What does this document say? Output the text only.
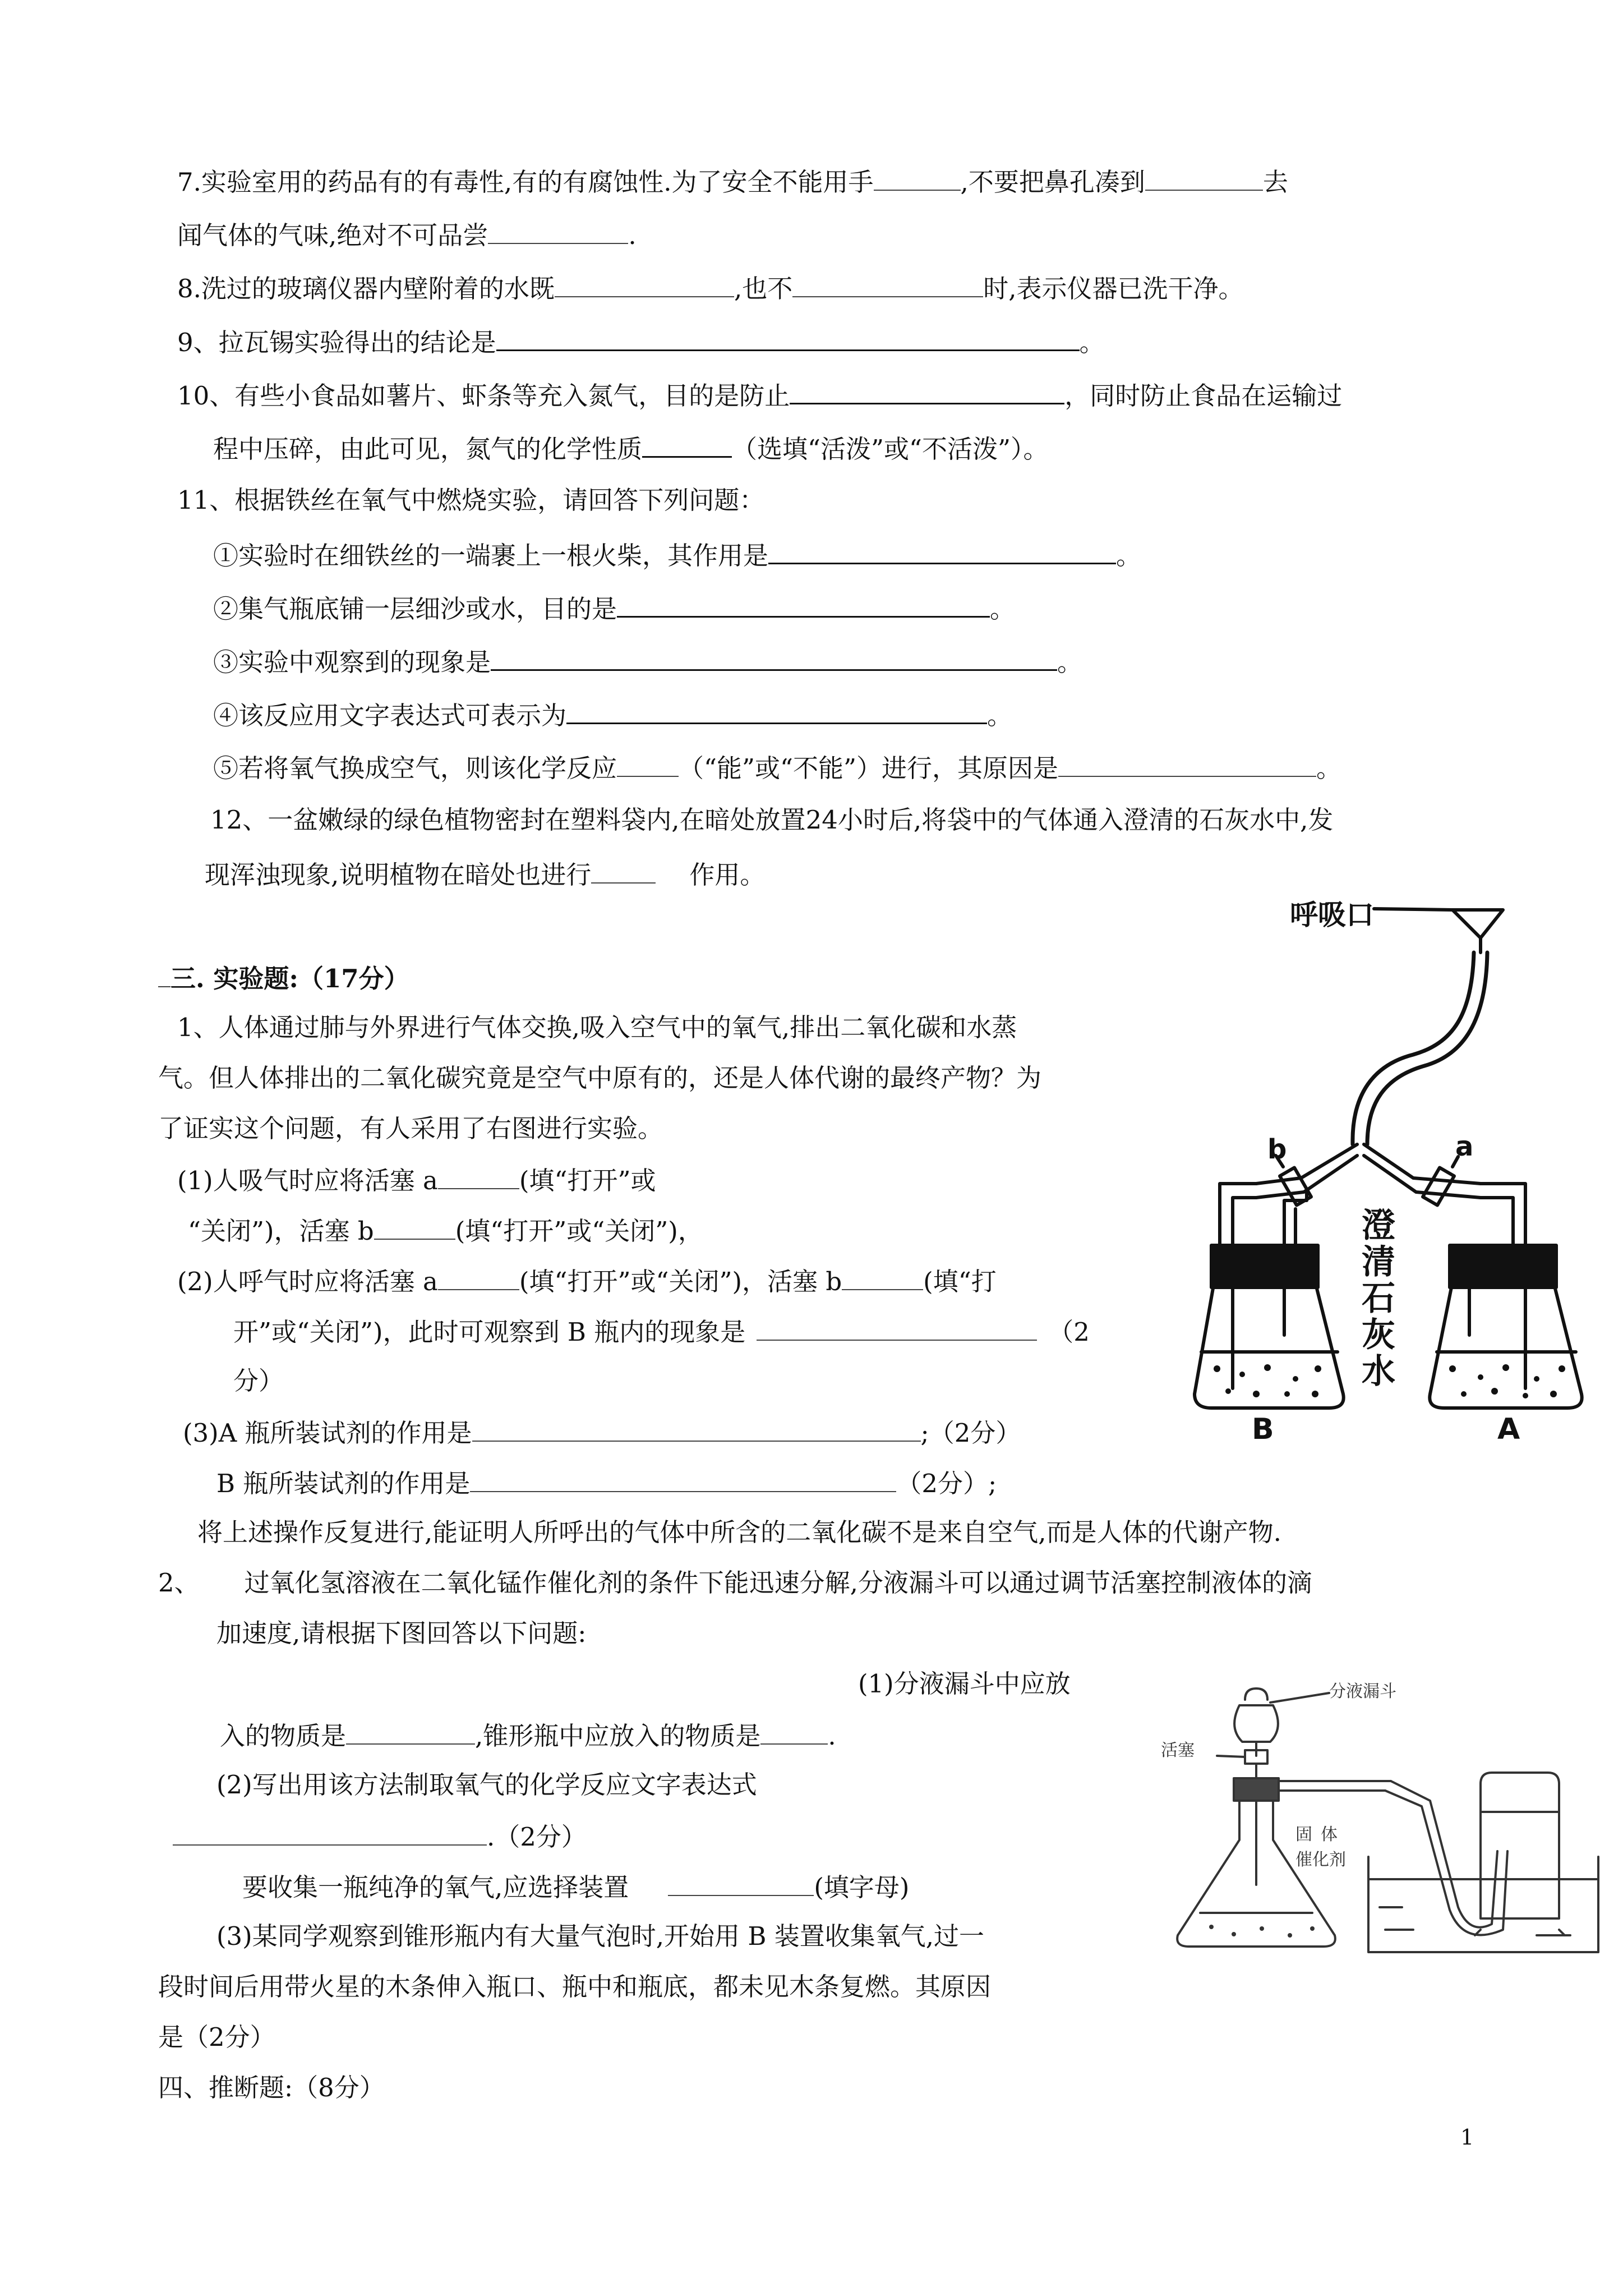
7.实验室用的药品有的有毒性,有的有腐蚀性.为了安全不能用手	,不要把鼻孔凑到	去
闻气体的气味,绝对不可品尝	.
8.洗过的玻璃仪器内壁附着的水既	,也不	时,表示仪器已洗干净。
9、拉瓦锡实验得出的结论是	。
10、有些小食品如薯片、虾条等充入氮气，目的是防止	，同时防止食品在运输过
程中压碎，由此可见，氮气的化学性质	（选填“活泼”或“不活泼”）。
11、根据铁丝在氧气中燃烧实验，请回答下列问题：
①实验时在细铁丝的一端裹上一根火柴，其作用是	。
②集气瓶底铺一层细沙或水，目的是	。
③实验中观察到的现象是	。
④该反应用文字表达式可表示为	。
⑤若将氧气换成空气，则该化学反应 （“能”或“不能”）进行，其原因是	。
12、一盆嫩绿的绿色植物密封在塑料袋内,在暗处放置24小时后,将袋中的气体通入澄清的石灰水中,发
现浑浊现象,说明植物在暗处也进行	作用。
三. 实验题:（17分）
1、人体通过肺与外界进行气体交换,吸入空气中的氧气,排出二氧化碳和水蒸
气。但人体排出的二氧化碳究竟是空气中原有的，还是人体代谢的最终产物？为
了证实这个问题，有人采用了右图进行实验。
(1)人吸气时应将活塞 a	(填“打开”或
“关闭”)，活塞 b	(填“打开”或“关闭”)，
(2)人呼气时应将活塞 a	(填“打开”或“关闭”)，活塞 b	(填“打
开”或“关闭”)，此时可观察到 B 瓶内的现象是	（2
分）
(3)A 瓶所装试剂的作用是	;（2分）
B 瓶所装试剂的作用是	（2分）;
将上述操作反复进行,能证明人所呼出的气体中所含的二氧化碳不是来自空气,而是人体的代谢产物.
2、 过氧化氢溶液在二氧化锰作催化剂的条件下能迅速分解,分液漏斗可以通过调节活塞控制液体的滴
加速度,请根据下图回答以下问题:
(1)分液漏斗中应放
入的物质是	,锥形瓶中应放入的物质是	.
(2)写出用该方法制取氧气的化学反应文字表达式
.（2分）
要收集一瓶纯净的氧气,应选择装置	(填字母)
(3)某同学观察到锥形瓶内有大量气泡时,开始用 B 装置收集氧气,过一
段时间后用带火星的木条伸入瓶口、瓶中和瓶底，都未见木条复燃。其原因
是（2分）
四、推断题:（8分）
1
呼吸口
b	a
澄
清
石
灰
水
B	A
分液漏斗
活塞
固 体
催化剂
